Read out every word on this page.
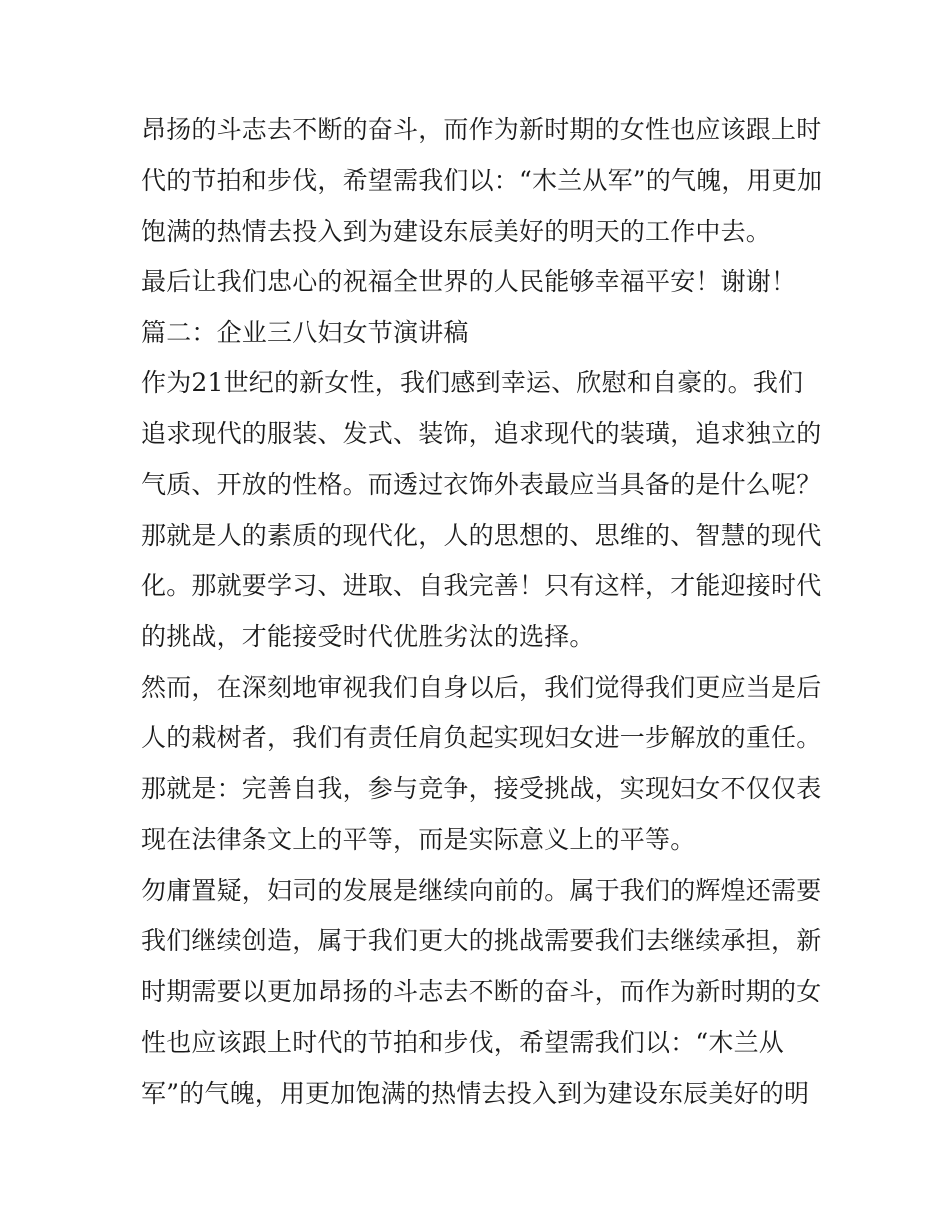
昂扬的斗志去不断的奋斗，而作为新时期的女性也应该跟上时
代的节拍和步伐，希望需我们以：“木兰从军”的气魄，用更加
饱满的热情去投入到为建设东辰美好的明天的工作中去。
最后让我们忠心的祝福全世界的人民能够幸福平安！谢谢！
篇二：企业三八妇女节演讲稿
作为21世纪的新女性，我们感到幸运、欣慰和自豪的。我们
追求现代的服装、发式、装饰，追求现代的装璜，追求独立的
气质、开放的性格。而透过衣饰外表最应当具备的是什么呢？
那就是人的素质的现代化，人的思想的、思维的、智慧的现代
化。那就要学习、进取、自我完善！只有这样，才能迎接时代
的挑战，才能接受时代优胜劣汰的选择。
然而，在深刻地审视我们自身以后，我们觉得我们更应当是后
人的栽树者，我们有责任肩负起实现妇女进一步解放的重任。
那就是：完善自我，参与竞争，接受挑战，实现妇女不仅仅表
现在法律条文上的平等，而是实际意义上的平等。
勿庸置疑，妇司的发展是继续向前的。属于我们的辉煌还需要
我们继续创造，属于我们更大的挑战需要我们去继续承担，新
时期需要以更加昂扬的斗志去不断的奋斗，而作为新时期的女
性也应该跟上时代的节拍和步伐，希望需我们以：“木兰从
军”的气魄，用更加饱满的热情去投入到为建设东辰美好的明
